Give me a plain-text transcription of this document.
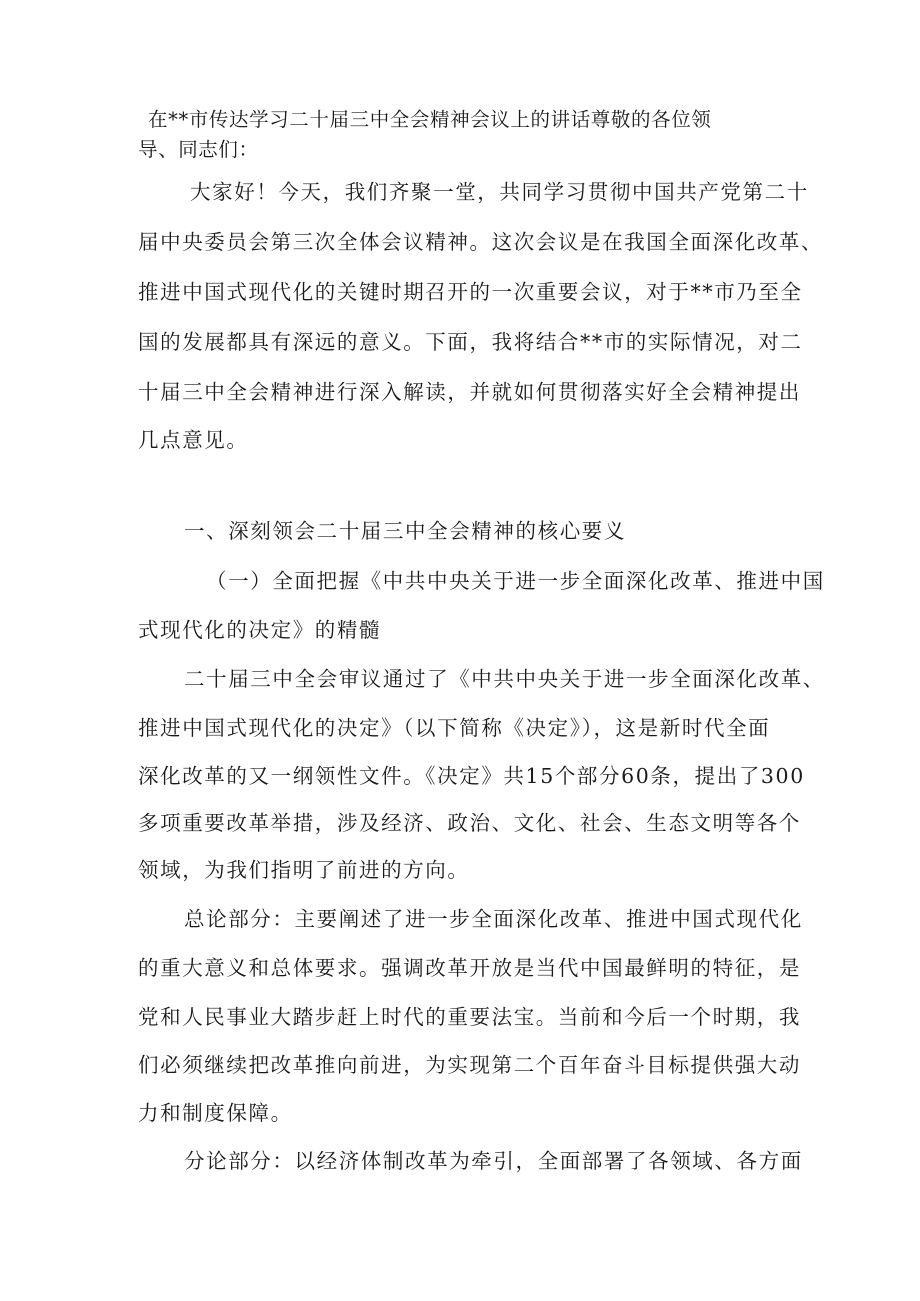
在**市传达学习二十届三中全会精神会议上的讲话尊敬的各位领
导、同志们：
大家好！今天，我们齐聚一堂，共同学习贯彻中国共产党第二十
届中央委员会第三次全体会议精神。这次会议是在我国全面深化改革、
推进中国式现代化的关键时期召开的一次重要会议，对于**市乃至全
国的发展都具有深远的意义。下面，我将结合**市的实际情况，对二
十届三中全会精神进行深入解读，并就如何贯彻落实好全会精神提出
几点意见。
一、深刻领会二十届三中全会精神的核心要义
（一）全面把握《中共中央关于进一步全面深化改革、推进中国
式现代化的决定》的精髓
二十届三中全会审议通过了《中共中央关于进一步全面深化改革、
推进中国式现代化的决定》（以下简称《决定》），这是新时代全面
深化改革的又一纲领性文件。《决定》共15个部分60条，提出了300
多项重要改革举措，涉及经济、政治、文化、社会、生态文明等各个
领域，为我们指明了前进的方向。
总论部分：主要阐述了进一步全面深化改革、推进中国式现代化
的重大意义和总体要求。强调改革开放是当代中国最鲜明的特征，是
党和人民事业大踏步赶上时代的重要法宝。当前和今后一个时期，我
们必须继续把改革推向前进，为实现第二个百年奋斗目标提供强大动
力和制度保障。
分论部分：以经济体制改革为牵引，全面部署了各领域、各方面
